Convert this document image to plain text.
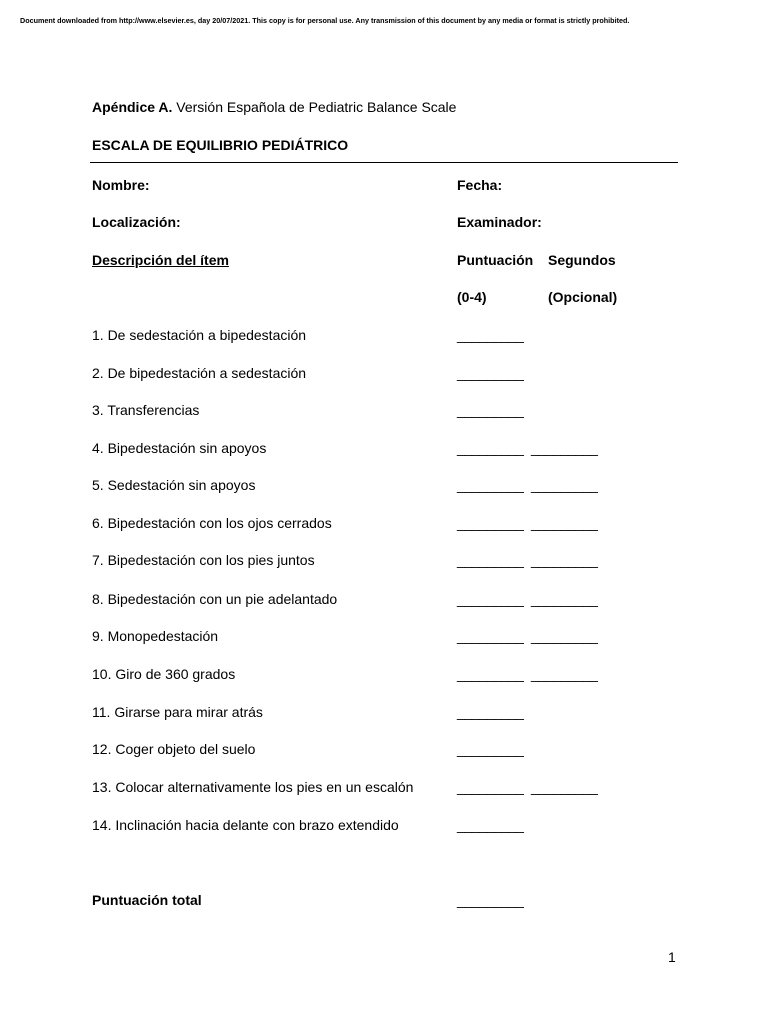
Document downloaded from http://www.elsevier.es, day 20/07/2021. This copy is for personal use. Any transmission of this document by any media or format is strictly prohibited.
Apéndice A. Versión Española de Pediatric Balance Scale
ESCALA DE EQUILIBRIO PEDIÁTRICO
Nombre:	Fecha:
Localización:	Examinador:
Descripción del ítem	Puntuación Segundos
(0-4)	(Opcional)
1. De sedestación a bipedestación	_________
2. De bipedestación a sedestación	_________
3. Transferencias	_________
4. Bipedestación sin apoyos	_________ _________
5. Sedestación sin apoyos	_________ _________
6. Bipedestación con los ojos cerrados	_________ _________
7. Bipedestación con los pies juntos	_________ _________
8. Bipedestación con un pie adelantado	_________ _________
9. Monopedestación	_________ _________
10. Giro de 360 grados	_________ _________
11. Girarse para mirar atrás	_________
12. Coger objeto del suelo	_________
13. Colocar alternativamente los pies en un escalón	_________ _________
14. Inclinación hacia delante con brazo extendido	_________
Puntuación total	_________
1
